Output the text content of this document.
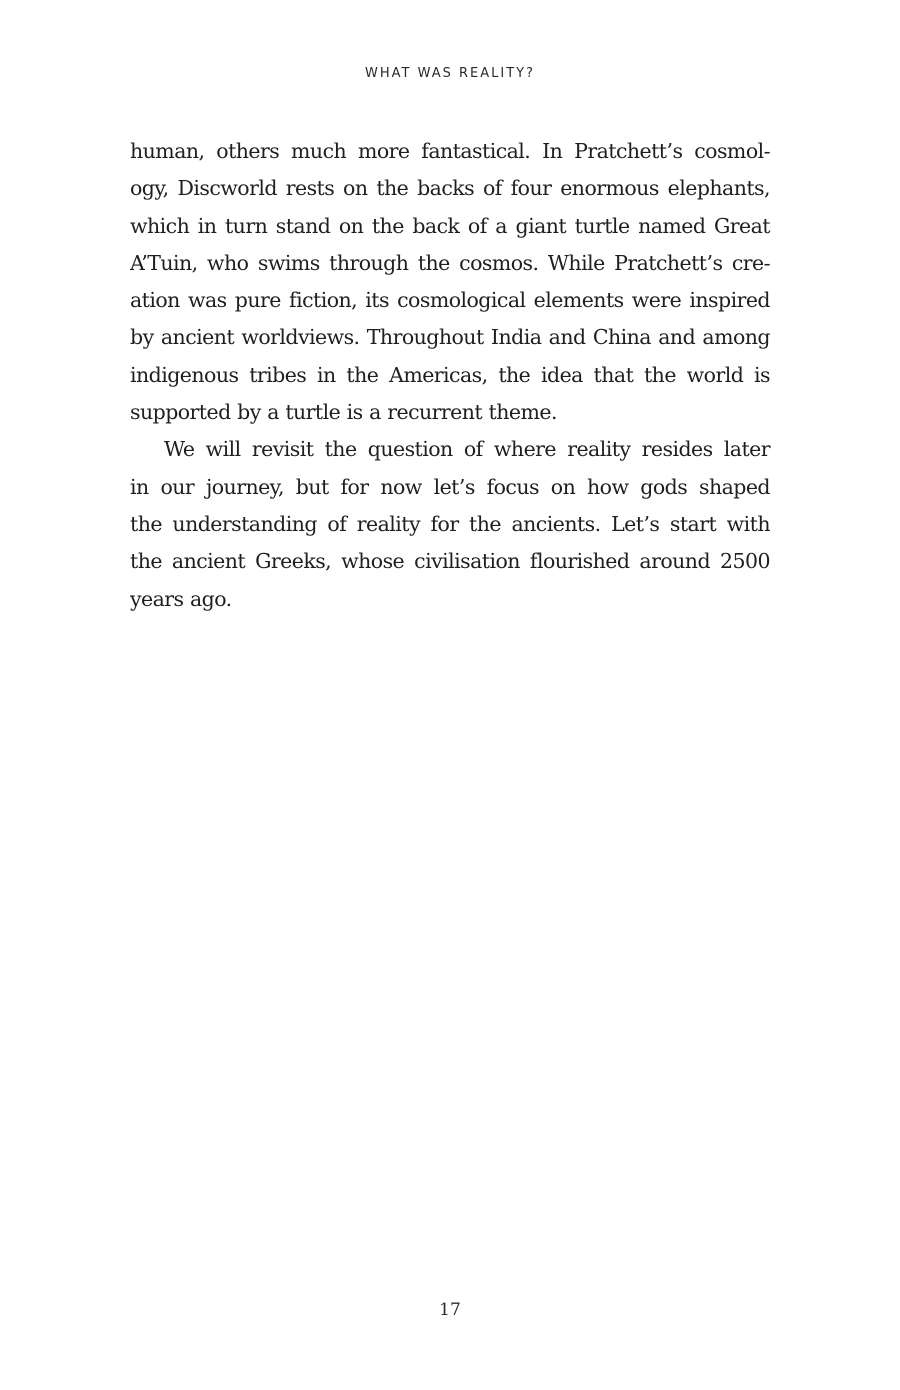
WHAT WAS REALITY?
human, others much more fantastical. In Pratchett’s cosmol-
ogy, Discworld rests on the backs of four enormous elephants,
which in turn stand on the back of a giant turtle named Great
A’Tuin, who swims through the cosmos. While Pratchett’s cre-
ation was pure fiction, its cosmological elements were inspired
by ancient worldviews. Throughout India and China and among
indigenous tribes in the Americas, the idea that the world is
supported by a turtle is a recurrent theme.
We will revisit the question of where reality resides later
in our journey, but for now let’s focus on how gods shaped
the understanding of reality for the ancients. Let’s start with
the ancient Greeks, whose civilisation flourished around 2500
years ago.
17
